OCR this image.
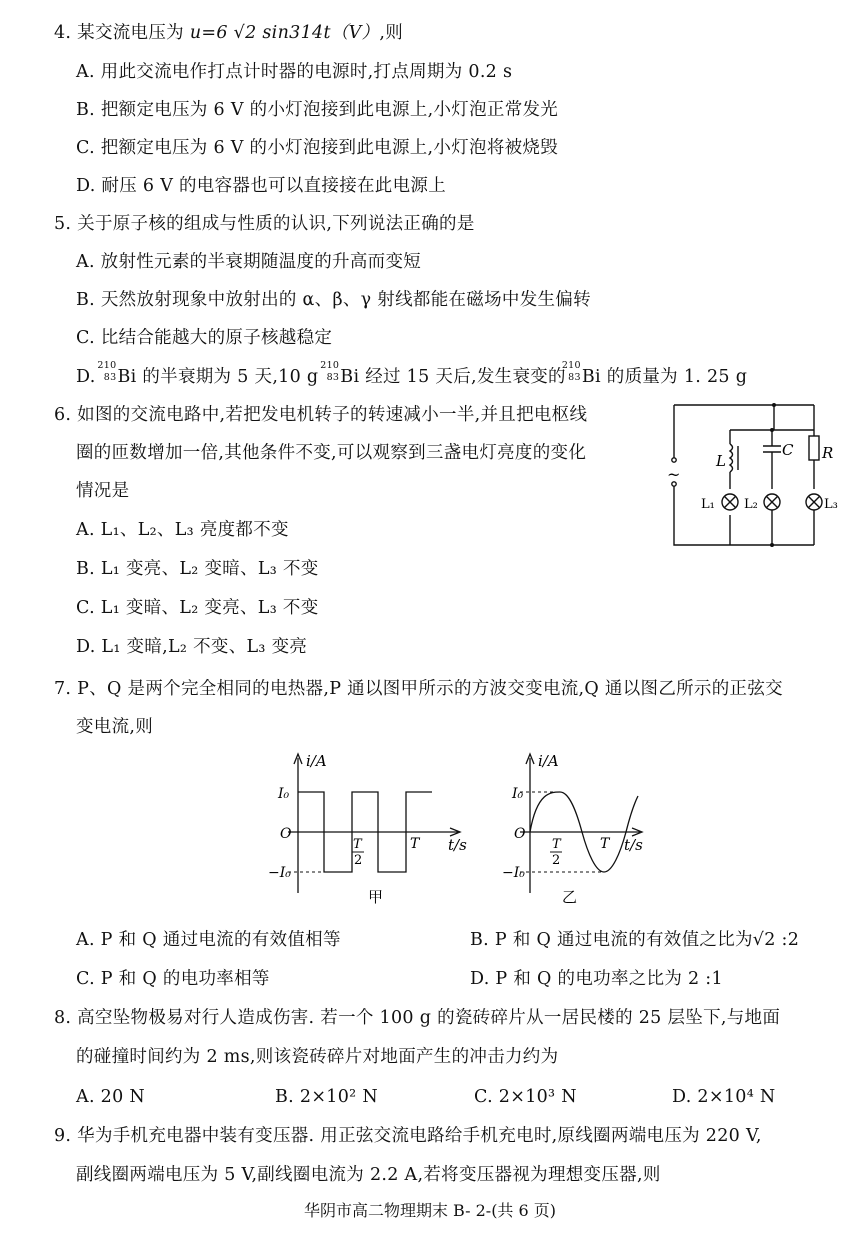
4. 某交流电压为 u=6 √2 sin314t（V）,则
A. 用此交流电作打点计时器的电源时,打点周期为 0.2 s
B. 把额定电压为 6 V 的小灯泡接到此电源上,小灯泡正常发光
C. 把额定电压为 6 V 的小灯泡接到此电源上,小灯泡将被烧毁
D. 耐压 6 V 的电容器也可以直接接在此电源上
5. 关于原子核的组成与性质的认识,下列说法正确的是
A. 放射性元素的半衰期随温度的升高而变短
B. 天然放射现象中放射出的 α、β、γ 射线都能在磁场中发生偏转
C. 比结合能越大的原子核越稳定
D.
210
83 Bi 的半衰期为 5 天,10 g
210
83 Bi 经过 15 天后,发生衰变的
210
83 Bi 的质量为 1. 25 g
6. 如图的交流电路中,若把发电机转子的转速减小一半,并且把电枢线
圈的匝数增加一倍,其他条件不变,可以观察到三盏电灯亮度的变化
情况是
A. L₁、L₂、L₃ 亮度都不变
B. L₁ 变亮、L₂ 变暗、L₃ 不变
C. L₁ 变暗、L₂ 变亮、L₃ 不变
D. L₁ 变暗,L₂ 不变、L₃ 变亮
~
L
C R
L₁ L₂	L₃
7. P、Q 是两个完全相同的电热器,P 通以图甲所示的方波交变电流,Q 通以图乙所示的正弦交
变电流,则
i/A
I₀
O
−I₀
T
2
T t/s
甲
i/A
I₀
O
−I₀
T
2
T t/s
乙
A. P 和 Q 通过电流的有效值相等	B. P 和 Q 通过电流的有效值之比为√2 :2
C. P 和 Q 的电功率相等	D. P 和 Q 的电功率之比为 2 :1
8. 高空坠物极易对行人造成伤害. 若一个 100 g 的瓷砖碎片从一居民楼的 25 层坠下,与地面
的碰撞时间约为 2 ms,则该瓷砖碎片对地面产生的冲击力约为
A. 20 N	B. 2×10² N	C. 2×10³ N	D. 2×10⁴ N
9. 华为手机充电器中装有变压器. 用正弦交流电路给手机充电时,原线圈两端电压为 220 V,
副线圈两端电压为 5 V,副线圈电流为 2.2 A,若将变压器视为理想变压器,则
华阴市高二物理期末 B- 2-(共 6 页)
